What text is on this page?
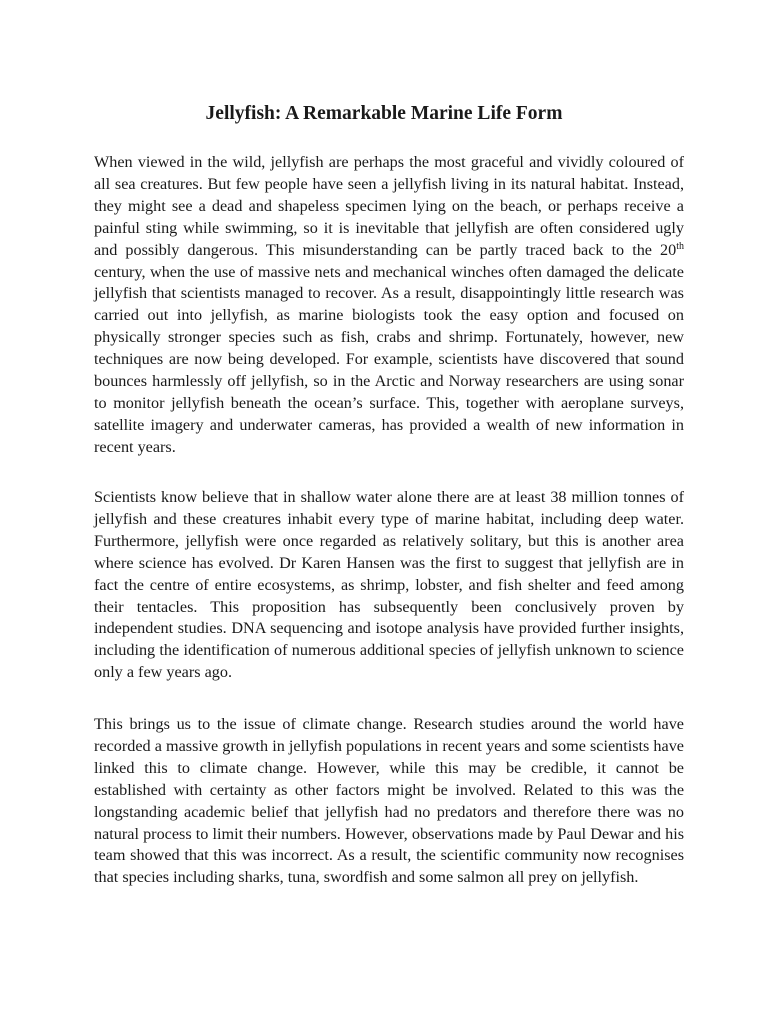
Jellyfish: A Remarkable Marine Life Form

When viewed in the wild, jellyfish are perhaps the most graceful and vividly coloured of all sea creatures. But few people have seen a jellyfish living in its natural habitat. Instead, they might see a dead and shapeless specimen lying on the beach, or perhaps receive a painful sting while swimming, so it is inevitable that jellyfish are often considered ugly and possibly dangerous. This misunderstanding can be partly traced back to the 20th century, when the use of massive nets and mechanical winches often damaged the delicate jellyfish that scientists managed to recover. As a result, disappointingly little research was carried out into jellyfish, as marine biologists took the easy option and focused on physically stronger species such as fish, crabs and shrimp. Fortunately, however, new techniques are now being developed. For example, scientists have discovered that sound bounces harmlessly off jellyfish, so in the Arctic and Norway researchers are using sonar to monitor jellyfish beneath the ocean’s surface. This, together with aeroplane surveys, satellite imagery and underwater cameras, has provided a wealth of new information in recent years.

Scientists know believe that in shallow water alone there are at least 38 million tonnes of jellyfish and these creatures inhabit every type of marine habitat, including deep water. Furthermore, jellyfish were once regarded as relatively solitary, but this is another area where science has evolved. Dr Karen Hansen was the first to suggest that jellyfish are in fact the centre of entire ecosystems, as shrimp, lobster, and fish shelter and feed among their tentacles. This proposition has subsequently been conclusively proven by independent studies. DNA sequencing and isotope analysis have provided further insights, including the identification of numerous additional species of jellyfish unknown to science only a few years ago.

This brings us to the issue of climate change. Research studies around the world have recorded a massive growth in jellyfish populations in recent years and some scientists have linked this to climate change. However, while this may be credible, it cannot be established with certainty as other factors might be involved. Related to this was the longstanding academic belief that jellyfish had no predators and therefore there was no natural process to limit their numbers. However, observations made by Paul Dewar and his team showed that this was incorrect. As a result, the scientific community now recognises that species including sharks, tuna, swordfish and some salmon all prey on jellyfish.
